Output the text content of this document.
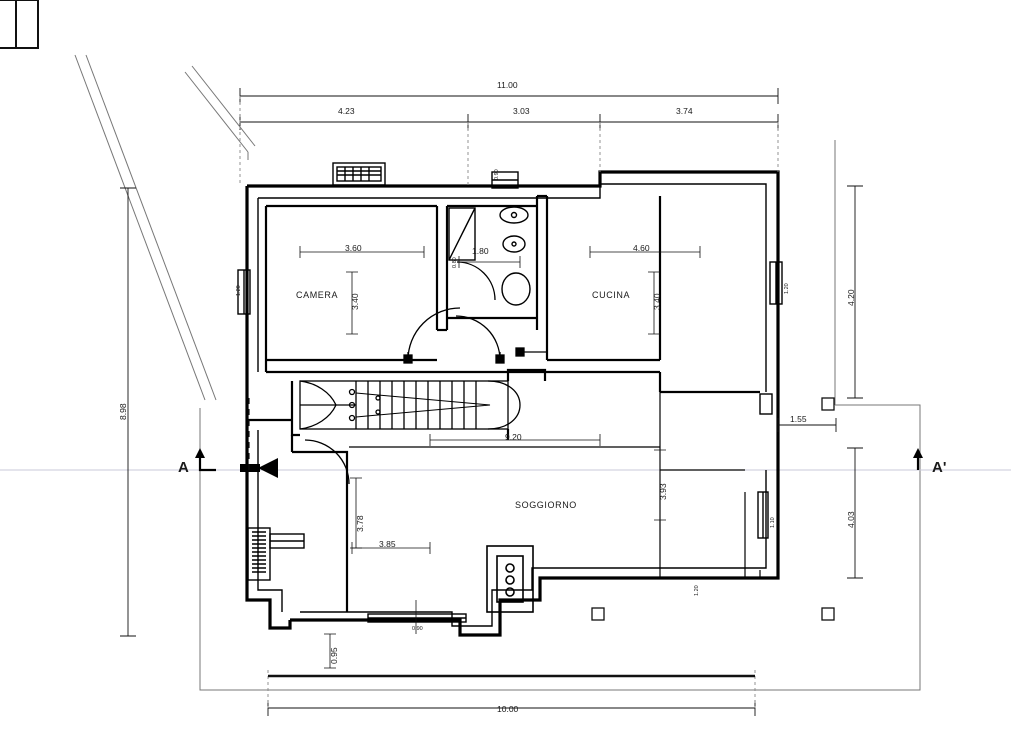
CAMERA	CUCINA
SOGGIORNO
A	A'
11.00
4.23	3.03	3.74
8.98
4.20
4.03
1.55
3.60
3.40
1.80	4.60
3.40
9.20
3.93
3.78
3.85
0.95
10.00
1.20	1.20
0.80
0.90
1.10
1.20
0.90
